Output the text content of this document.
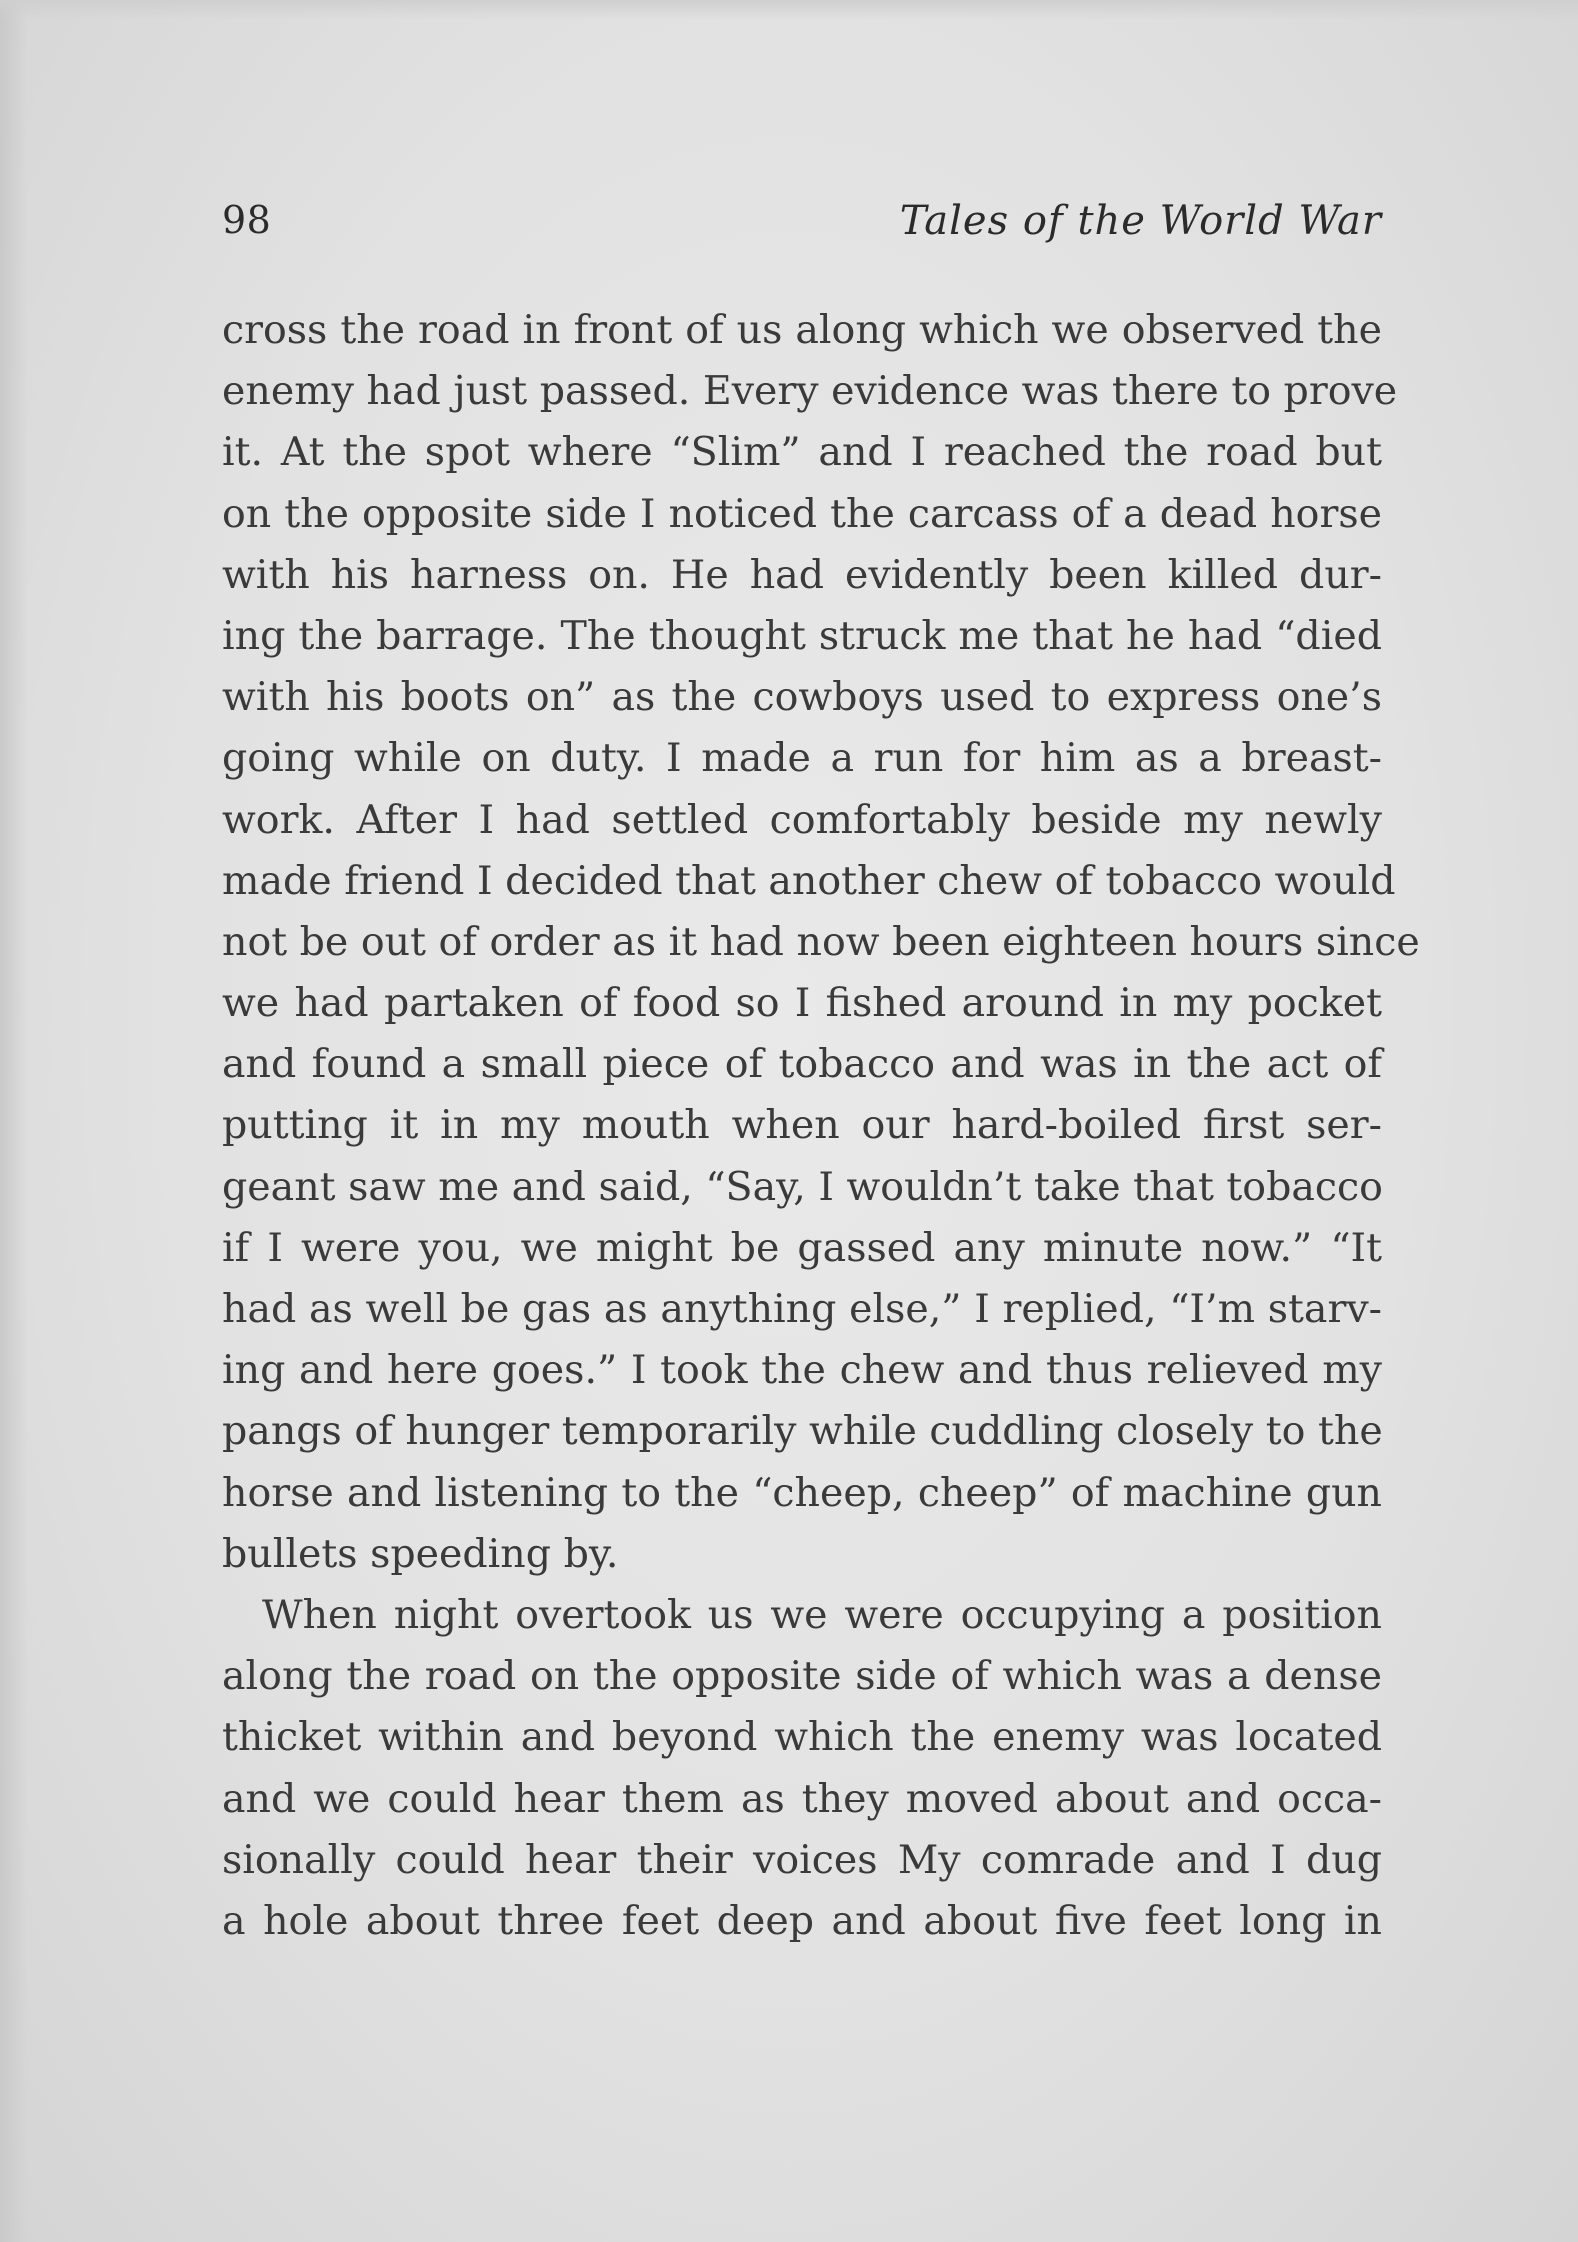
98	Tales of the World War
cross the road in front of us along which we observed the
enemy had just passed. Every evidence was there to prove
it. At the spot where “Slim” and I reached the road but
on the opposite side I noticed the carcass of a dead horse
with his harness on. He had evidently been killed dur-
ing the barrage. The thought struck me that he had “died
with his boots on” as the cowboys used to express one’s
going while on duty. I made a run for him as a breast-
work. After I had settled comfortably beside my newly
made friend I decided that another chew of tobacco would
not be out of order as it had now been eighteen hours since
we had partaken of food so I fished around in my pocket
and found a small piece of tobacco and was in the act of
putting it in my mouth when our hard-boiled first ser-
geant saw me and said, “Say, I wouldn’t take that tobacco
if I were you, we might be gassed any minute now.” “It
had as well be gas as anything else,” I replied, “I’m starv-
ing and here goes.” I took the chew and thus relieved my
pangs of hunger temporarily while cuddling closely to the
horse and listening to the “cheep, cheep” of machine gun
bullets speeding by.
When night overtook us we were occupying a position
along the road on the opposite side of which was a dense
thicket within and beyond which the enemy was located
and we could hear them as they moved about and occa-
sionally could hear their voices My comrade and I dug
a hole about three feet deep and about five feet long in
